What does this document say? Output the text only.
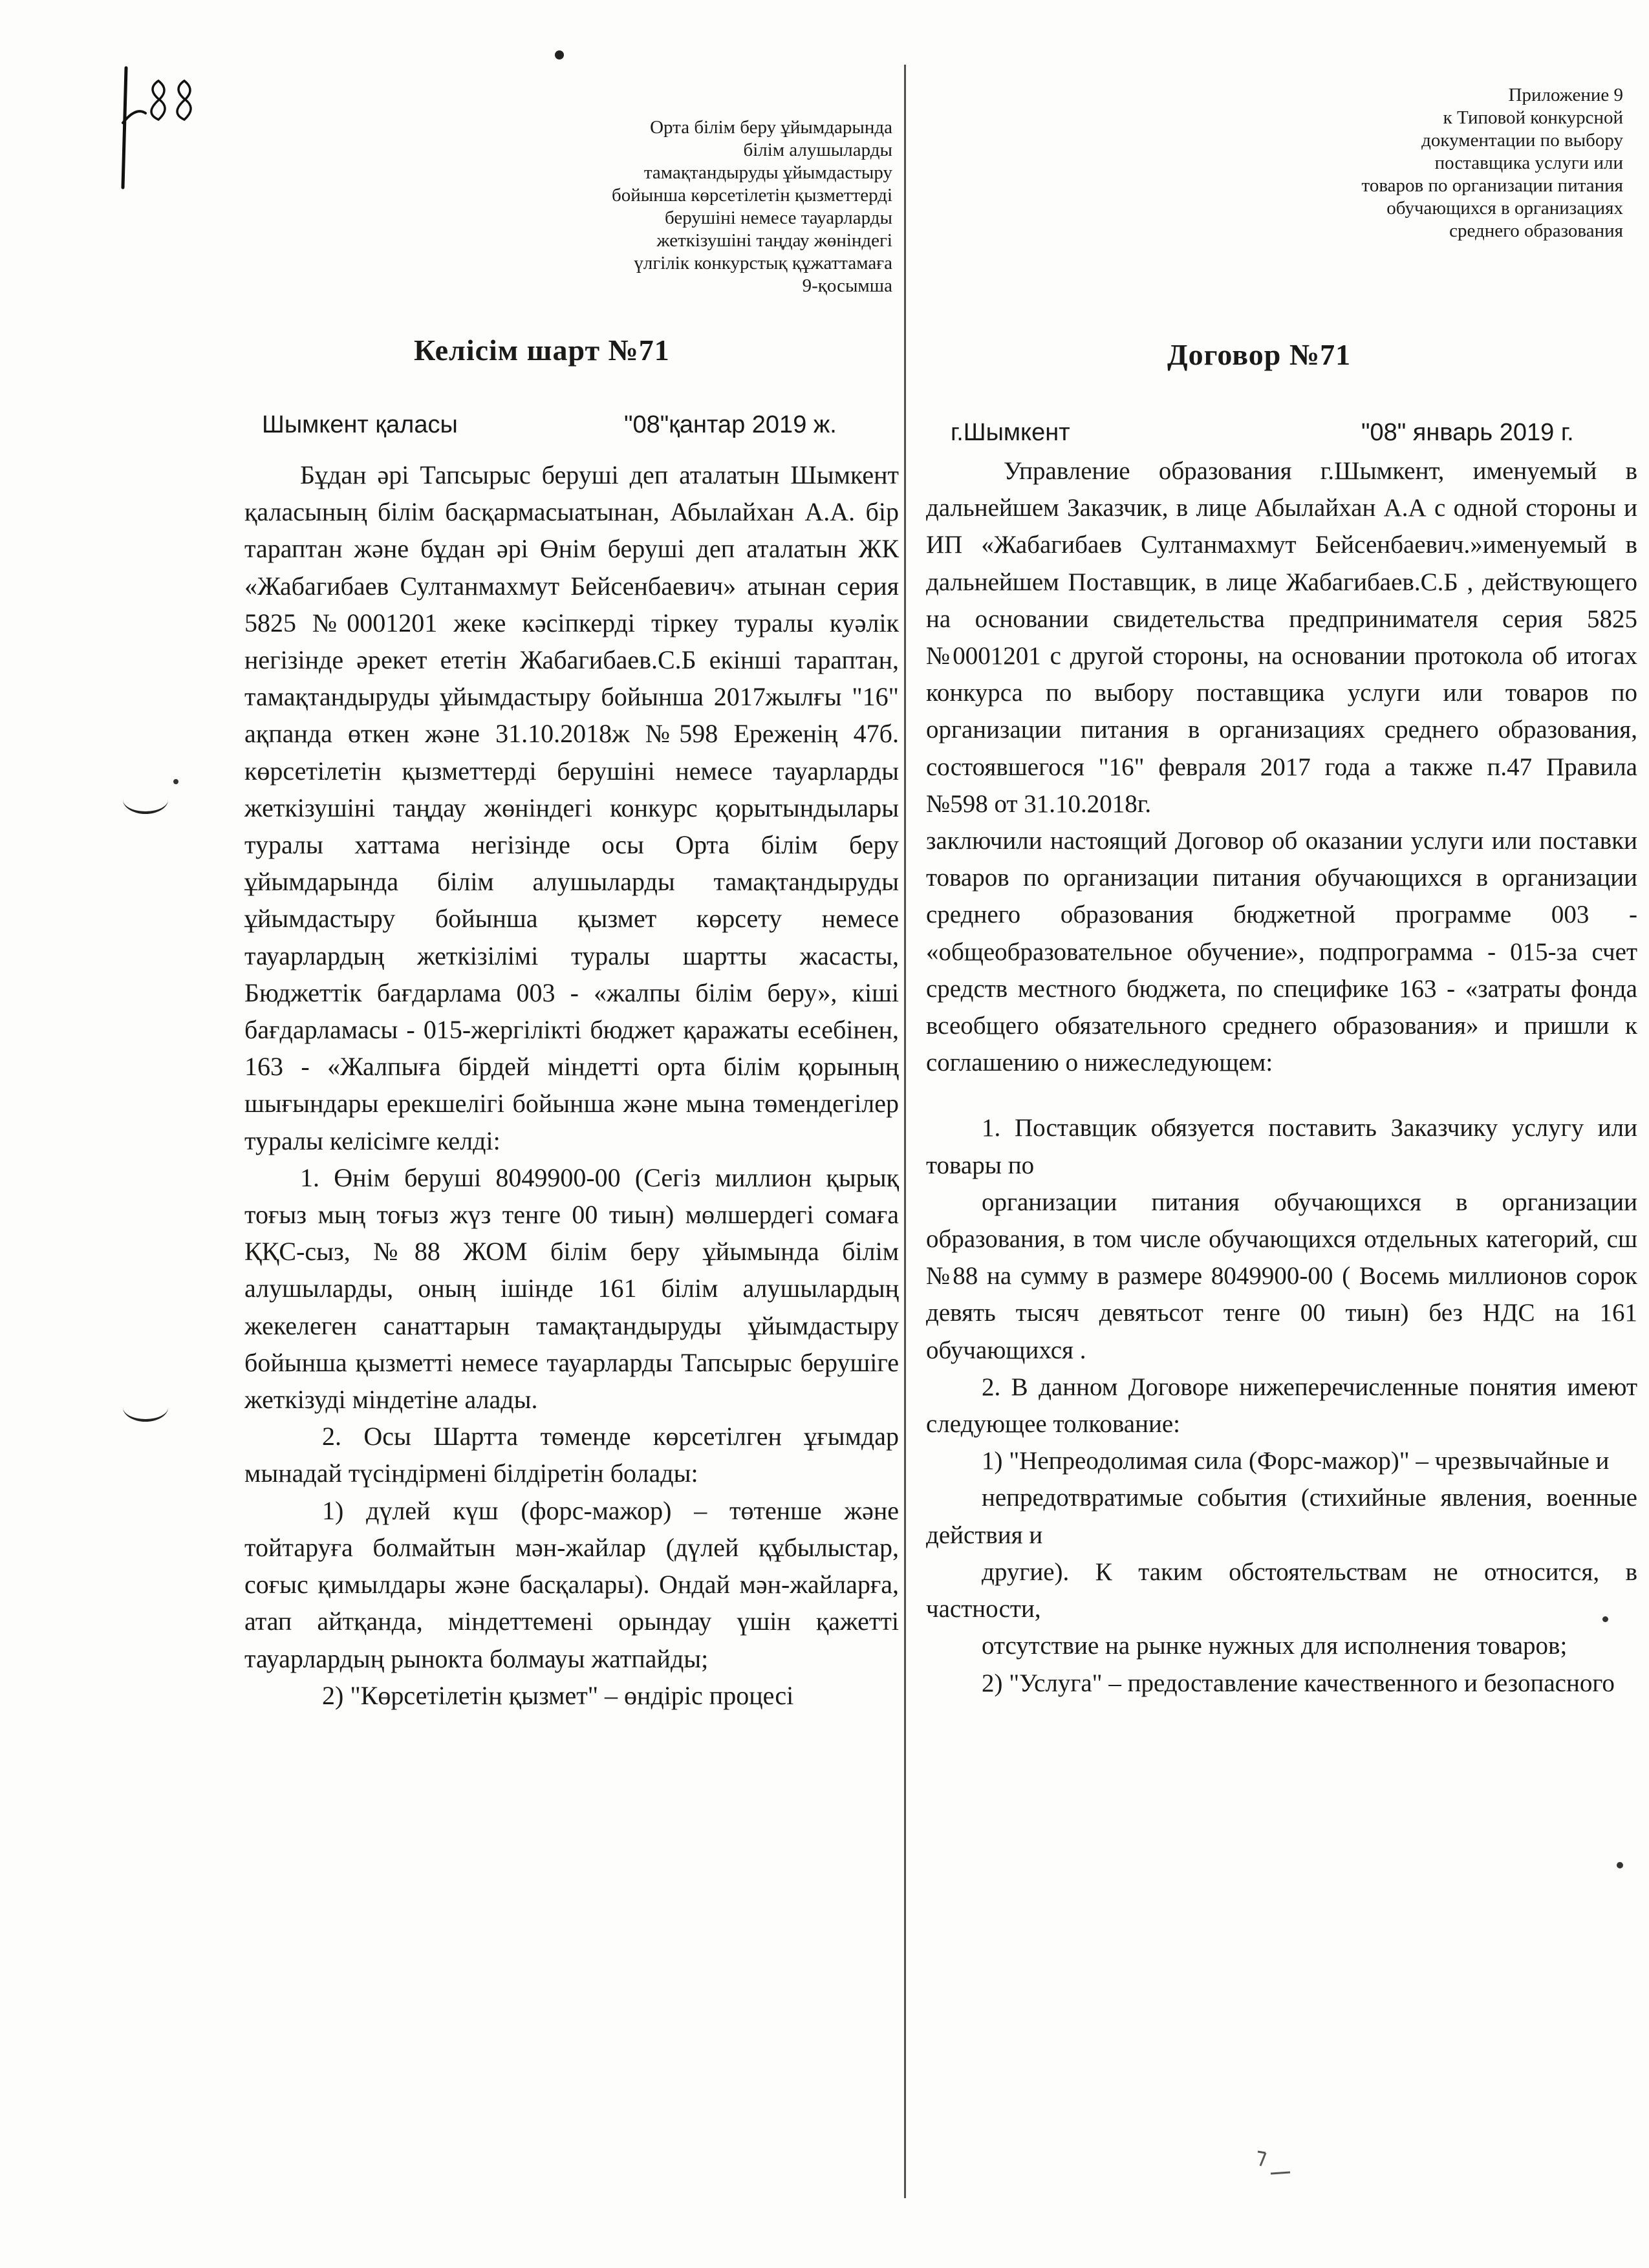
Орта білім беру ұйымдарында
білім алушыларды
тамақтандыруды ұйымдастыру
бойынша көрсетілетін қызметтерді
берушіні немесе тауарларды
жеткізушіні таңдау жөніндегі
үлгілік конкурстық құжаттамаға
9-қосымша
Приложение 9
к Типовой конкурсной
документации по выбору
поставщика услуги или
товаров по организации питания
обучающихся в организациях
среднего образования
Келісім шарт №71	Договор №71

Шымкент қаласы	"08"қантар 2019 ж.	г.Шымкент	"08" январь 2019 г.

Бұдан әрі Тапсырыс беруші деп аталатын Шымкент қаласының білім басқармасыатынан, Абылайхан А.А. бір тараптан және бұдан әрі Өнім беруші деп аталатын ЖК «Жабагибаев Султанмахмут Бейсенбаевич» атынан серия 5825 №0001201 жеке кәсіпкерді тіркеу туралы куәлік негізінде әрекет ететін Жабагибаев.С.Б екінші тараптан, тамақтандыруды ұйымдастыру бойынша 2017жылғы "16" ақпанда өткен және 31.10.2018ж №598 Ереженің 47б. көрсетілетін қызметтерді берушіні немесе тауарларды жеткізушіні таңдау жөніндегі конкурс қорытындылары туралы хаттама негізінде осы Орта білім беру ұйымдарында білім алушыларды тамақтандыруды ұйымдастыру бойынша қызмет көрсету немесе тауарлардың жеткізілімі туралы шартты жасасты, Бюджеттік бағдарлама 003 - «жалпы білім беру», кіші бағдарламасы - 015-жергілікті бюджет қаражаты есебінен, 163 - «Жалпыға бірдей міндетті орта білім қорының шығындары ерекшелігі бойынша және мына төмендегілер туралы келісімге келді:

1. Өнім беруші 8049900-00 (Сегіз миллион қырық тоғыз мың тоғыз жүз тенге 00 тиын) мөлшердегі сомаға ҚҚС-сыз, №88 ЖОМ білім беру ұйымында білім алушыларды, оның ішінде 161 білім алушылардың жекелеген санаттарын тамақтандыруды ұйымдастыру бойынша қызметті немесе тауарларды Тапсырыс берушіге жеткізуді міндетіне алады.

2. Осы Шартта төменде көрсетілген ұғымдар мынадай түсіндірмені білдіретін болады:

1) дүлей күш (форс-мажор) – төтенше және тойтаруға болмайтын мән-жайлар (дүлей құбылыстар, соғыс қимылдары және басқалары). Ондай мән-жайларға, атап айтқанда, міндеттемені орындау үшін қажетті тауарлардың рынокта болмауы жатпайды;

2) "Көрсетілетін қызмет" – өндіріс процесі

Управление образования г.Шымкент, именуемый в дальнейшем Заказчик, в лице Абылайхан А.А с одной стороны и ИП «Жабагибаев Султанмахмут Бейсенбаевич.»именуемый в дальнейшем Поставщик, в лице Жабагибаев.С.Б , действующего на основании свидетельства предпринимателя серия 5825 №0001201 с другой стороны, на основании протокола об итогах конкурса по выбору поставщика услуги или товаров по организации питания в организациях среднего образования, состоявшегося "16" февраля 2017 года а также п.47 Правила №598 от 31.10.2018г.

заключили настоящий Договор об оказании услуги или поставки товаров по организации питания обучающихся в организации среднего образования бюджетной программе 003 - «общеобразовательное обучение», подпрограмма - 015-за счет средств местного бюджета, по специфике 163 - «затраты фонда всеобщего обязательного среднего образования» и пришли к соглашению о нижеследующем:

1. Поставщик обязуется поставить Заказчику услугу или товары по

организации питания обучающихся в организации образования, в том числе обучающихся отдельных категорий, сш №88 на сумму в размере 8049900-00 ( Восемь миллионов сорок девять тысяч девятьсот тенге 00 тиын) без НДС на 161 обучающихся .

2. В данном Договоре нижеперечисленные понятия имеют следующее толкование:

1) "Непреодолимая сила (Форс-мажор)" – чрезвычайные и

непредотвратимые события (стихийные явления, военные действия и

другие). К таким обстоятельствам не относится, в частности,

отсутствие на рынке нужных для исполнения товаров;

2) "Услуга" – предоставление качественного и безопасного
